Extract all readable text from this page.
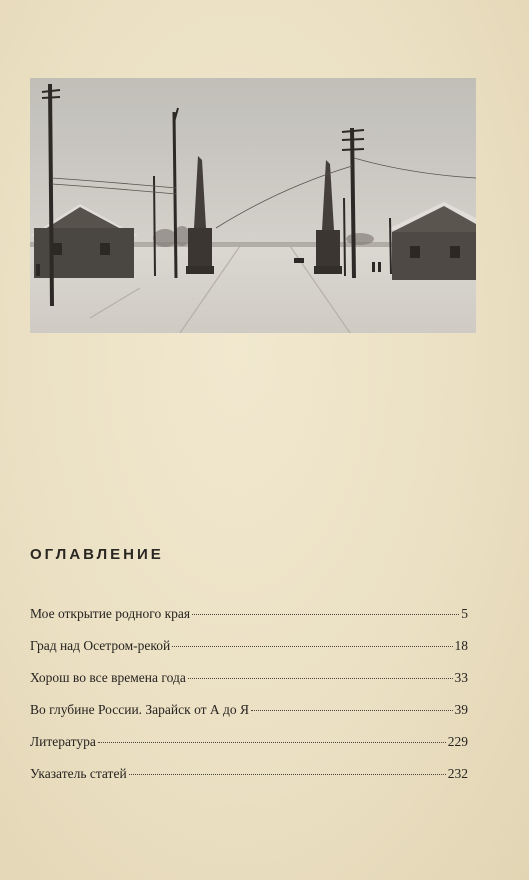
ОГЛАВЛЕНИЕ
Мое открытие родного края	5
Град над Осетром-рекой	18
Хорош во все времена года	33
Во глубине России. Зарайск от А до Я	39
Литература	229
Указатель статей	232
